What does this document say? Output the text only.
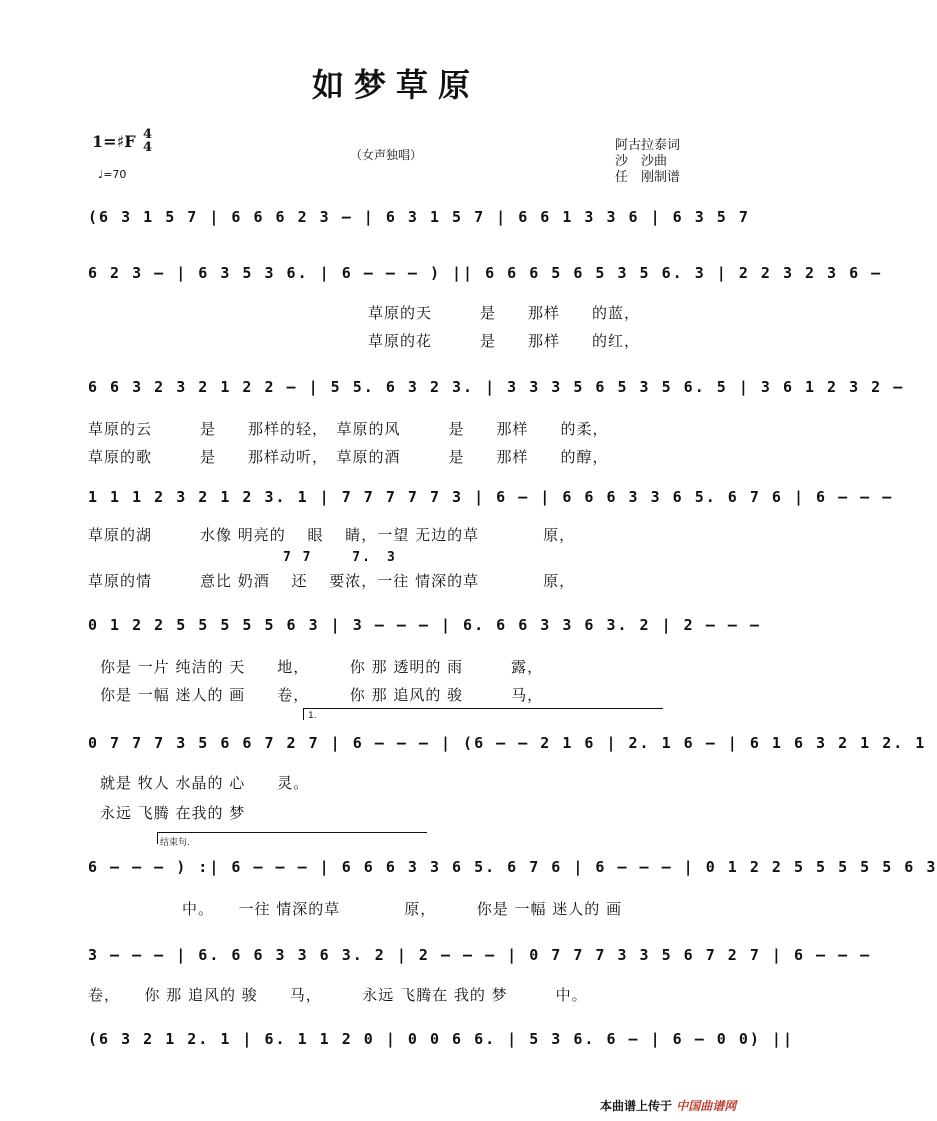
如梦草原
1=♯F 4
4
♩=70
（女声独唱）
阿古拉泰词
沙　沙曲
任　刚制谱
(6 3 1 5 7 | 6 6 6 2 3 – | 6 3 1 5 7 | 6 6 1 3 3 6 | 6 3 5 7
6 2 3 – | 6 3 5 3 6. | 6 – – – ) || 6 6 6 5 6 5 3 5 6. 3 | 2 2 3 2 3 6 –
草原的天　　　是　　那样　　的蓝，
草原的花　　　是　　那样　　的红，
6 6 3 2 3 2 1 2 2 – | 5 5. 6 3 2 3. | 3 3 3 5 6 5 3 5 6. 5 | 3 6 1 2 3 2 –
草原的云　　　是　　那样的轻，　草原的风　　　是　　那样　　的柔，
草原的歌　　　是　　那样动听，　草原的酒　　　是　　那样　　的醇，
1 1 1 2 3 2 1 2 3. 1 | 7 7 7 7 7 3 | 6 – | 6 6 6 3 3 6 5. 6 7 6 | 6 – – –
草原的湖　　　水像 明亮的　 眼　 睛，一望 无边的草　　　　原，
7 7　　 7.　3
草原的情　　　意比 奶酒　 还　 要浓，一往 情深的草　　　　原，
0 1 2 2 5 5 5 5 5 6 3 | 3 – – – | 6. 6 6 3 3 6 3. 2 | 2 – – –
你是 一片 纯洁的 天　　地，　　　你 那 透明的 雨　　　露，
你是 一幅 迷人的 画　　卷，　　　你 那 追风的 骏　　　马，
1.
0 7 7 7 3 5 6 6 7 2 7 | 6 – – – | (6 – – 2 1 6 | 2. 1 6 – | 6 1 6 3 2 1 2. 1
就是 牧人 水晶的 心　　灵。
永远 飞腾 在我的 梦
结束句.
6 – – – ) :| 6 – – – | 6 6 6 3 3 6 5. 6 7 6 | 6 – – – | 0 1 2 2 5 5 5 5 5 6 3
中。　　一往 情深的草　　　　原，　　　你是 一幅 迷人的 画
3 – – – | 6. 6 6 3 3 6 3. 2 | 2 – – – | 0 7 7 7 3 3 5 6 7 2 7 | 6 – – –
卷，　　你 那 追风的 骏　　马，　　　永远 飞腾在 我的 梦　　　中。
(6 3 2 1 2. 1 | 6. 1 1 2 0 | 0 0 6 6. | 5 3 6. 6 – | 6 – 0 0) ||
本曲谱上传于 中国曲谱网
